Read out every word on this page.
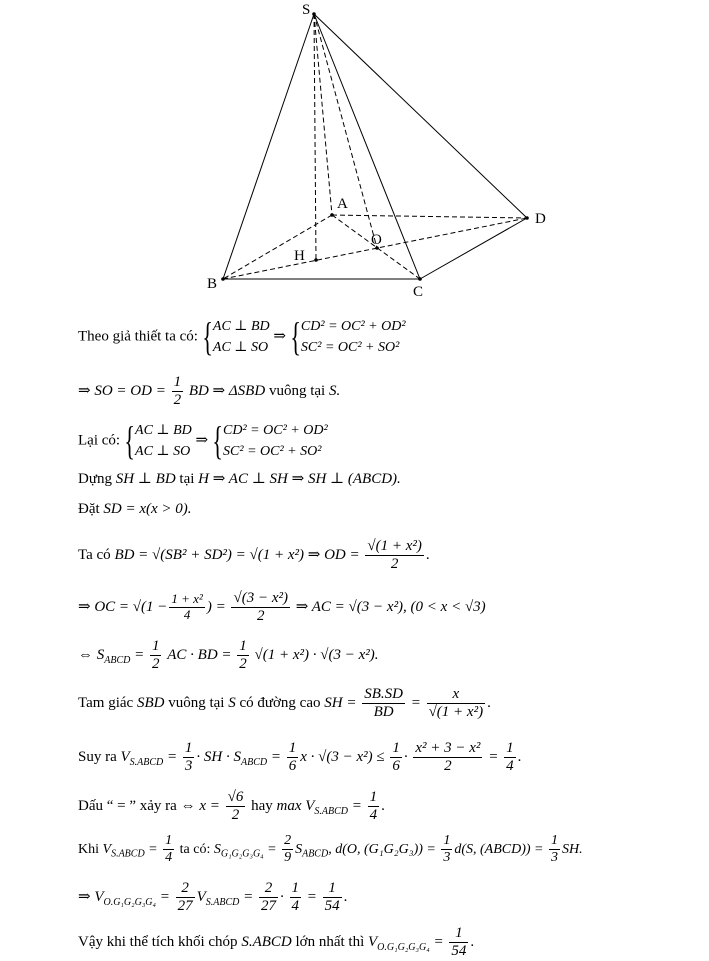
S
A
B	C
D
O
H
Theo giả thiết ta có: { AC ⊥ BD
AC ⊥ SO
⇒ { CD² = OC² + OD²
SC² = OC² + SO²
⇒ SO = OD = $\frac{1}{2}$ BD ⇒ ΔSBD vuông tại S.
Lại có: { AC ⊥ BD
AC ⊥ SO
⇒ { CD² = OC² + OD²
SC² = OC² + SO²
Dựng SH ⊥ BD tại H ⇒ AC ⊥ SH ⇒ SH ⊥ (ABCD).
Đặt SD = x(x > 0).
Ta có BD = √(SB² + SD²) = √(1 + x²) ⇒ OD = $\frac{\text{√(1 + x²)}}{2}$ .
⇒ OC = $√(1 - \frac{\text{1 + x²}}{4}$ ) = $\frac{\text{√(3 − x²)}}{2}$ ⇒ AC = √(3 − x²), (0 < x < √3)
⇔ $S_{ABCD} = \frac{1}{2}$ AC · BD = $\frac{1}{2} √(1 + x^2) \cdot √(3 - x^2)$.
Tam giác SBD vuông tại S có đường cao SH = $\frac{SB.SD}{BD} = \frac{x}{\text{√(1 + x²)}}$ .
Suy ra $V_{S.ABCD} = \frac{1}{3}$ · SH · $S_{ABCD} = \frac{1}{6}$ $x \cdot √(3 - x^2) \le \frac{1}{6} \cdot \frac{\text{x² + 3 − x²}}{2} = \frac{1}{4}$ .
Dấu “ = ” xảy ra ⇔ $x = \frac{√6}{2}$ hay $\max V_{S.ABCD} = \frac{1}{4}$ .
Khi $V_{S.ABCD} = \frac{1}{4}$ ta có: $S_{G_1G_2G_3G_4} = \frac{2}{9} S_{ABCD}$, d(O, $(G_1G_2G_3)) = \frac{1}{3} d(S$, (ABCD)) = $\frac{1}{3}$ SH.
⇒ $V_{O.G_1G_2G_3G_4} = \frac{2}{27} V_{S.ABCD} = \frac{2}{27} \cdot \frac{1}{4} = \frac{1}{54}$ .
Vậy khi thể tích khối chóp S.ABCD lớn nhất thì $V_{O.G_1G_2G_3G_4} = \frac{1}{54}$ .
